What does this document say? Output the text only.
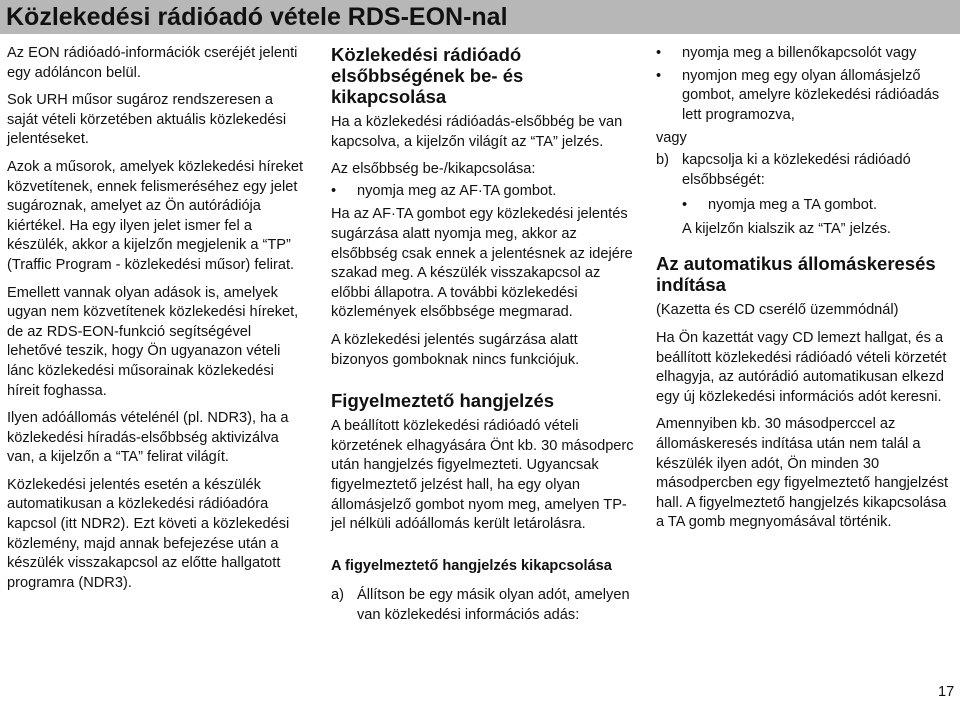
Közlekedési rádióadó vétele RDS-EON-nal

Az EON rádióadó-információk cseréjét jelenti egy adóláncon belül.

Sok URH műsor sugároz rendszeresen a saját vételi körzetében aktuális közlekedési jelentéseket.

Azok a műsorok, amelyek közlekedési híreket közvetítenek, ennek felismeréséhez egy jelet sugároznak, amelyet az Ön autórádiója kiértékel. Ha egy ilyen jelet ismer fel a készülék, akkor a kijelzőn megjelenik a “TP” (Traffic Program - közlekedési műsor) felirat.

Emellett vannak olyan adások is, amelyek ugyan nem közvetítenek közlekedési híreket, de az RDS-EON-funkció segítségével lehetővé teszik, hogy Ön ugyanazon vételi lánc közlekedési műsorainak közlekedési híreit foghassa.

Ilyen adóállomás vételénél (pl. NDR3), ha a közlekedési híradás-elsőbbség aktivizálva van, a kijelzőn a “TA” felirat világít.

Közlekedési jelentés esetén a készülék automatikusan a közlekedési rádióadóra kapcsol (itt NDR2). Ezt követi a közlekedési közlemény, majd annak befejezése után a készülék visszakapcsol az előtte hallgatott programra (NDR3).

Közlekedési rádióadó elsőbbségének be- és kikapcsolása

Ha a közlekedési rádióadás-elsőbbég be van kapcsolva, a kijelzőn világít az “TA” jelzés.

Az elsőbbség be-/kikapcsolása:

•	nyomja meg az AF·TA gombot.

Ha az AF·TA gombot egy közlekedési jelentés sugárzása alatt nyomja meg, akkor az elsőbbség csak ennek a jelentésnek az idejére szakad meg. A készülék visszakapcsol az előbbi állapotra. A további közlekedési közlemények elsőbbsége megmarad.

A közlekedési jelentés sugárzása alatt bizonyos gomboknak nincs funkciójuk.

Figyelmeztető hangjelzés

A beállított közlekedési rádióadó vételi körzetének elhagyására Önt kb. 30 másodperc után hangjelzés figyelmezteti. Ugyancsak figyelmeztető jelzést hall, ha egy olyan állomásjelző gombot nyom meg, amelyen TP-jel nélküli adóállomás került letárolásra.

A figyelmeztető hangjelzés kikapcsolása
a) Állítson be egy másik olyan adót, amelyen van közlekedési információs adás:
•	nyomja meg a billenőkapcsolót vagy
•	nyomjon meg egy olyan állomásjelző gombot, amelyre közlekedési rádióadás lett programozva,

vagy

b) kapcsolja ki a közlekedési rádióadó elsőbbségét:
•	nyomja meg a TA gombot.

A kijelzőn kialszik az “TA” jelzés.

Az automatikus állomáskeresés indítása

(Kazetta és CD cserélő üzemmódnál)

Ha Ön kazettát vagy CD lemezt hallgat, és a beállított közlekedési rádióadó vételi körzetét elhagyja, az autórádió automatikusan elkezd egy új közlekedési információs adót keresni.

Amennyiben kb. 30 másodperccel az állomáskeresés indítása után nem talál a készülék ilyen adót, Ön minden 30 másodpercben egy figyelmeztető hangjelzést hall. A figyelmeztető hangjelzés kikapcsolása a TA gomb megnyomásával történik.

17
